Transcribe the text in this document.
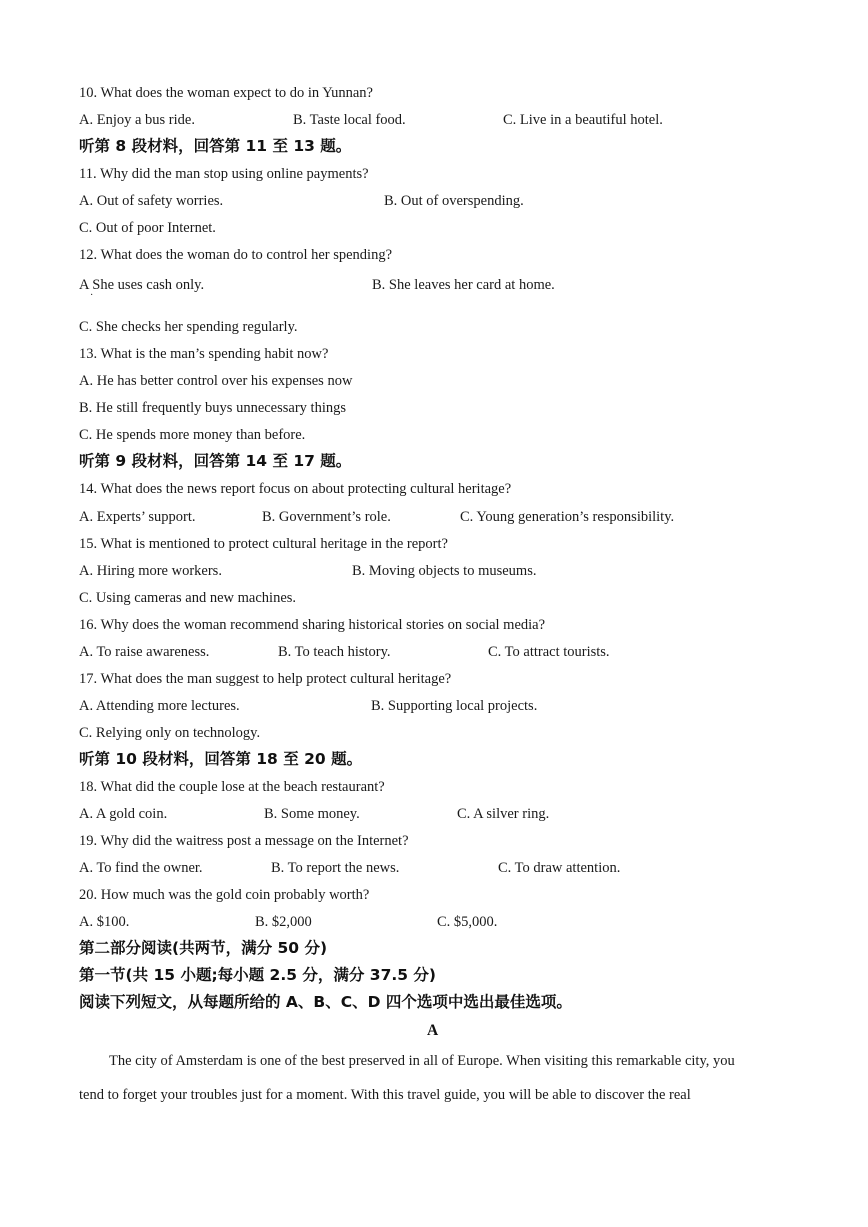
10. What does the woman expect to do in Yunnan?
A. Enjoy a bus ride.	B. Taste local food.	C. Live in a beautiful hotel.
听第 8 段材料，回答第 11 至 13 题。
11. Why did the man stop using online payments?
A. Out of safety worries.	B. Out of overspending.
C. Out of poor Internet.
12. What does the woman do to control her spending?
A She uses cash only.
·
B. She leaves her card at home.
C. She checks her spending regularly.
13. What is the man’s spending habit now?
A. He has better control over his expenses now
B. He still frequently buys unnecessary things
C. He spends more money than before.
听第 9 段材料，回答第 14 至 17 题。
14. What does the news report focus on about protecting cultural heritage?
A. Experts’ support.	B. Government’s role.	C. Young generation’s responsibility.
15. What is mentioned to protect cultural heritage in the report?
A. Hiring more workers.	B. Moving objects to museums.
C. Using cameras and new machines.
16. Why does the woman recommend sharing historical stories on social media?
A. To raise awareness.	B. To teach history.	C. To attract tourists.
17. What does the man suggest to help protect cultural heritage?
A. Attending more lectures.	B. Supporting local projects.
C. Relying only on technology.
听第 10 段材料，回答第 18 至 20 题。
18. What did the couple lose at the beach restaurant?
A. A gold coin.	B. Some money.	C. A silver ring.
19. Why did the waitress post a message on the Internet?
A. To find the owner.	B. To report the news.	C. To draw attention.
20. How much was the gold coin probably worth?
A. $100.	B. $2,000	C. $5,000.
第二部分阅读(共两节，满分 50 分)
第一节(共 15 小题;每小题 2.5 分，满分 37.5 分)
阅读下列短文，从每题所给的 A、B、C、D 四个选项中选出最佳选项。
A
The city of Amsterdam is one of the best preserved in all of Europe. When visiting this remarkable city, you
tend to forget your troubles just for a moment. With this travel guide, you will be able to discover the real
